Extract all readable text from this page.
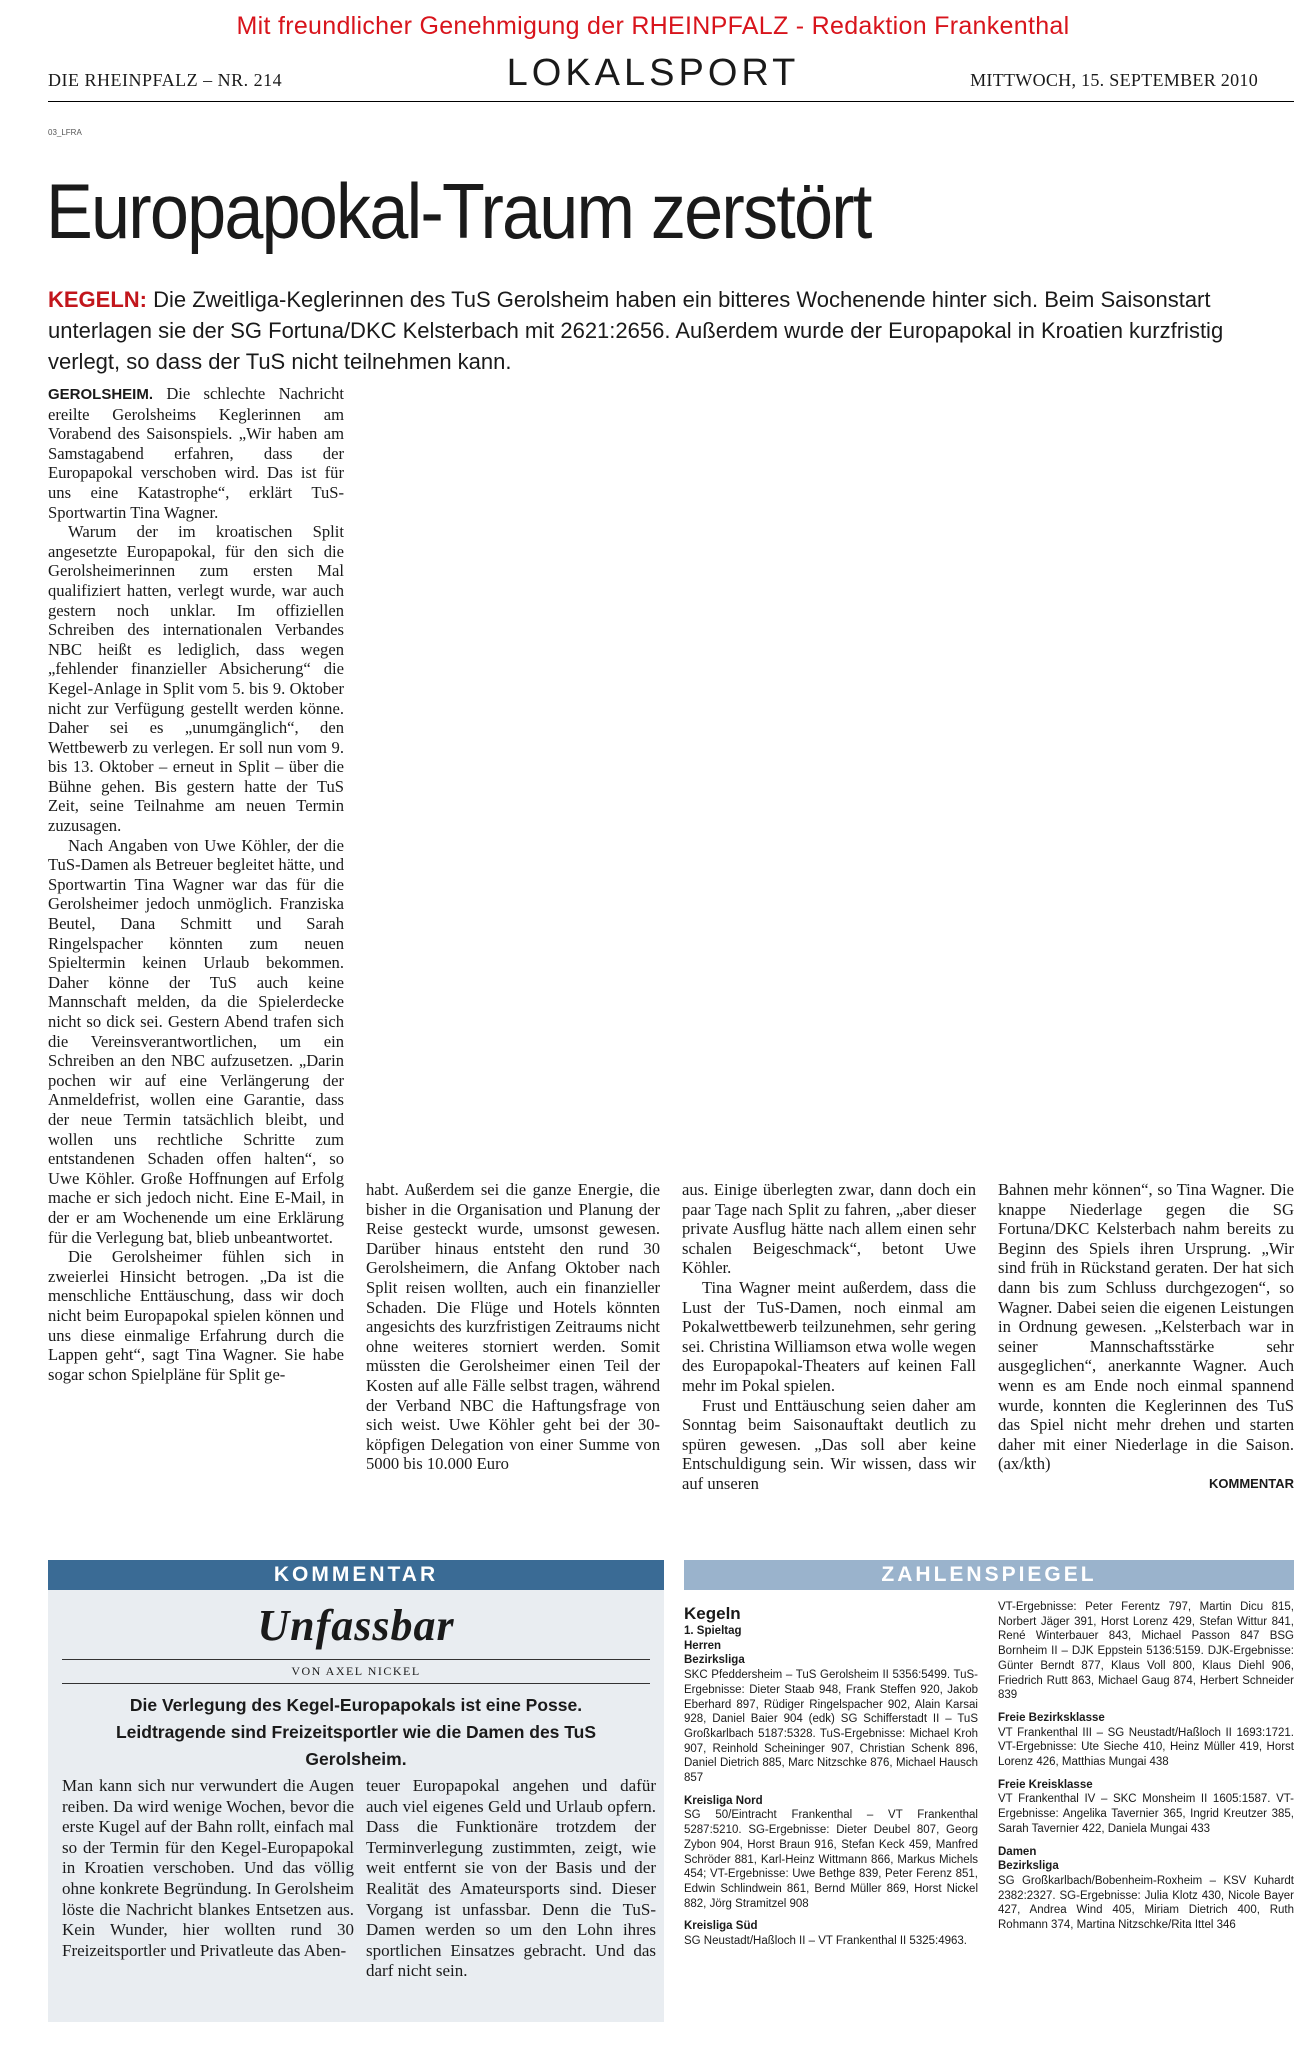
Mit freundlicher Genehmigung der RHEINPFALZ - Redaktion Frankenthal
DIE RHEINPFALZ – NR. 214	LOKALSPORT	MITTWOCH, 15. SEPTEMBER 2010
03_LFRA
Europapokal-Traum zerstört
KEGELN: Die Zweitliga-Keglerinnen des TuS Gerolsheim haben ein bitteres Wochenende hinter sich. Beim Saisonstart unterlagen sie der SG Fortuna/DKC Kelsterbach mit 2621:2656. Außerdem wurde der Europapokal in Kroatien kurzfristig verlegt, so dass der TuS nicht teilnehmen kann.

GEROLSHEIM. Die schlechte Nachricht ereilte Gerolsheims Keglerinnen am Vorabend des Saisonspiels. „Wir haben am Samstagabend erfahren, dass der Europapokal verschoben wird. Das ist für uns eine Katastrophe“, erklärt TuS-Sportwartin Tina Wagner.

Warum der im kroatischen Split angesetzte Europapokal, für den sich die Gerolsheimerinnen zum ersten Mal qualifiziert hatten, verlegt wurde, war auch gestern noch unklar. Im offiziellen Schreiben des internationalen Verbandes NBC heißt es lediglich, dass wegen „fehlender finanzieller Absicherung“ die Kegel-Anlage in Split vom 5. bis 9. Oktober nicht zur Verfügung gestellt werden könne. Daher sei es „unumgänglich“, den Wettbewerb zu verlegen. Er soll nun vom 9. bis 13. Oktober – erneut in Split – über die Bühne gehen. Bis gestern hatte der TuS Zeit, seine Teilnahme am neuen Termin zuzusagen.

Nach Angaben von Uwe Köhler, der die TuS-Damen als Betreuer begleitet hätte, und Sportwartin Tina Wagner war das für die Gerolsheimer jedoch unmöglich. Franziska Beutel, Dana Schmitt und Sarah Ringelspacher könnten zum neuen Spieltermin keinen Urlaub bekommen. Daher könne der TuS auch keine Mannschaft melden, da die Spielerdecke nicht so dick sei. Gestern Abend trafen sich die Vereinsverantwortlichen, um ein Schreiben an den NBC aufzusetzen. „Darin pochen wir auf eine Verlängerung der Anmeldefrist, wollen eine Garantie, dass der neue Termin tatsächlich bleibt, und wollen uns rechtliche Schritte zum entstandenen Schaden offen halten“, so Uwe Köhler. Große Hoffnungen auf Erfolg mache er sich jedoch nicht. Eine E-Mail, in der er am Wochenende um eine Erklärung für die Verlegung bat, blieb unbeantwortet.

Die Gerolsheimer fühlen sich in zweierlei Hinsicht betrogen. „Da ist die menschliche Enttäuschung, dass wir doch nicht beim Europapokal spielen können und uns diese einmalige Erfahrung durch die Lappen geht“, sagt Tina Wagner. Sie habe sogar schon Spielpläne für Split ge-

habt. Außerdem sei die ganze Energie, die bisher in die Organisation und Planung der Reise gesteckt wurde, umsonst gewesen. Darüber hinaus entsteht den rund 30 Gerolsheimern, die Anfang Oktober nach Split reisen wollten, auch ein finanzieller Schaden. Die Flüge und Hotels könnten angesichts des kurzfristigen Zeitraums nicht ohne weiteres storniert werden. Somit müssten die Gerolsheimer einen Teil der Kosten auf alle Fälle selbst tragen, während der Verband NBC die Haftungsfrage von sich weist. Uwe Köhler geht bei der 30-köpfigen Delegation von einer Summe von 5000 bis 10.000 Euro

aus. Einige überlegten zwar, dann doch ein paar Tage nach Split zu fahren, „aber dieser private Ausflug hätte nach allem einen sehr schalen Beigeschmack“, betont Uwe Köhler.

Tina Wagner meint außerdem, dass die Lust der TuS-Damen, noch einmal am Pokalwettbewerb teilzunehmen, sehr gering sei. Christina Williamson etwa wolle wegen des Europapokal-Theaters auf keinen Fall mehr im Pokal spielen.

Frust und Enttäuschung seien daher am Sonntag beim Saisonauftakt deutlich zu spüren gewesen. „Das soll aber keine Entschuldigung sein. Wir wissen, dass wir auf unseren

Bahnen mehr können“, so Tina Wagner. Die knappe Niederlage gegen die SG Fortuna/DKC Kelsterbach nahm bereits zu Beginn des Spiels ihren Ursprung. „Wir sind früh in Rückstand geraten. Der hat sich dann bis zum Schluss durchgezogen“, so Wagner. Dabei seien die eigenen Leistungen in Ordnung gewesen. „Kelsterbach war in seiner Mannschaftsstärke sehr ausgeglichen“, anerkannte Wagner. Auch wenn es am Ende noch einmal spannend wurde, konnten die Keglerinnen des TuS das Spiel nicht mehr drehen und starten daher mit einer Niederlage in die Saison. (ax/kth)

KOMMENTAR
KOMMENTAR
Unfassbar
VON AXEL NICKEL
Die Verlegung des Kegel-Europapokals ist eine Posse. Leidtragende sind Freizeitsportler wie die Damen des TuS Gerolsheim.

Man kann sich nur verwundert die Augen reiben. Da wird wenige Wochen, bevor die erste Kugel auf der Bahn rollt, einfach mal so der Termin für den Kegel-Europapokal in Kroatien verschoben. Und das völlig ohne konkrete Begründung. In Gerolsheim löste die Nachricht blankes Entsetzen aus. Kein Wunder, hier wollten rund 30 Freizeitsportler und Privatleute das Aben-

teuer Europapokal angehen und dafür auch viel eigenes Geld und Urlaub opfern. Dass die Funktionäre trotzdem der Terminverlegung zustimmten, zeigt, wie weit entfernt sie von der Basis und der Realität des Amateursports sind. Dieser Vorgang ist unfassbar. Denn die TuS-Damen werden so um den Lohn ihres sportlichen Einsatzes gebracht. Und das darf nicht sein.

ZAHLENSPIEGEL

Kegeln

1. Spieltag

Herren

Bezirksliga

SKC Pfeddersheim – TuS Gerolsheim II 5356:5499. TuS-Ergebnisse: Dieter Staab 948, Frank Steffen 920, Jakob Eberhard 897, Rüdiger Ringelspacher 902, Alain Karsai 928, Daniel Baier 904 (edk) SG Schifferstadt II – TuS Großkarlbach 5187:5328. TuS-Ergebnisse: Michael Kroh 907, Reinhold Scheininger 907, Christian Schenk 896, Daniel Dietrich 885, Marc Nitzschke 876, Michael Hausch 857

Kreisliga Nord

SG 50/Eintracht Frankenthal – VT Frankenthal 5287:5210. SG-Ergebnisse: Dieter Deubel 807, Georg Zybon 904, Horst Braun 916, Stefan Keck 459, Manfred Schröder 881, Karl-Heinz Wittmann 866, Markus Michels 454; VT-Ergebnisse: Uwe Bethge 839, Peter Ferenz 851, Edwin Schlindwein 861, Bernd Müller 869, Horst Nickel 882, Jörg Stramitzel 908

Kreisliga Süd

SG Neustadt/Haßloch II – VT Frankenthal II 5325:4963.

VT-Ergebnisse: Peter Ferentz 797, Martin Dicu 815, Norbert Jäger 391, Horst Lorenz 429, Stefan Wittur 841, René Winterbauer 843, Michael Passon 847 BSG Bornheim II – DJK Eppstein 5136:5159. DJK-Ergebnisse: Günter Berndt 877, Klaus Voll 800, Klaus Diehl 906, Friedrich Rutt 863, Michael Gaug 874, Herbert Schneider 839

Freie Bezirksklasse

VT Frankenthal III – SG Neustadt/Haßloch II 1693:1721. VT-Ergebnisse: Ute Sieche 410, Heinz Müller 419, Horst Lorenz 426, Matthias Mungai 438

Freie Kreisklasse

VT Frankenthal IV – SKC Monsheim II 1605:1587. VT-Ergebnisse: Angelika Tavernier 365, Ingrid Kreutzer 385, Sarah Tavernier 422, Daniela Mungai 433

Damen

Bezirksliga

SG Großkarlbach/Bobenheim-Roxheim – KSV Kuhardt 2382:2327. SG-Ergebnisse: Julia Klotz 430, Nicole Bayer 427, Andrea Wind 405, Miriam Dietrich 400, Ruth Rohmann 374, Martina Nitzschke/Rita Ittel 346
